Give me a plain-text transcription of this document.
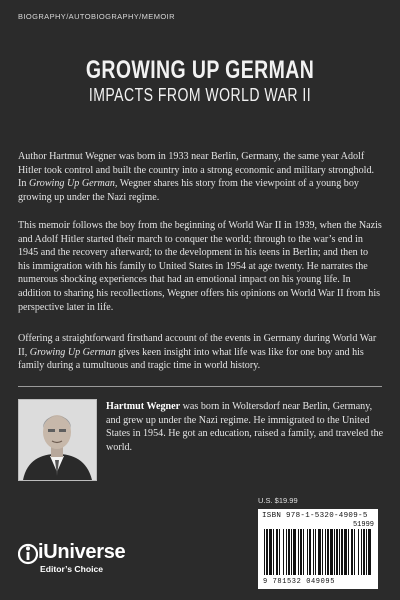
BIOGRAPHY/AUTOBIOGRAPHY/MEMOIR
GROWING UP GERMAN
IMPACTS FROM WORLD WAR II
Author Hartmut Wegner was born in 1933 near Berlin, Germany, the same year Adolf Hitler took control and built the country into a strong economic and military stronghold. In Growing Up German, Wegner shares his story from the viewpoint of a young boy growing up under the Nazi regime.
This memoir follows the boy from the beginning of World War II in 1939, when the Nazis and Adolf Hitler started their march to conquer the world; through to the war’s end in 1945 and the recovery afterward; to the development in his teens in Berlin; and then to his immigration with his family to United States in 1954 at age twenty. He narrates the numerous shocking experiences that had an emotional impact on his young life. In addition to sharing his recollections, Wegner offers his opinions on World War II from his perspective later in life.
Offering a straightforward firsthand account of the events in Germany during World War II, Growing Up German gives keen insight into what life was like for one boy and his family during a tumultuous and tragic time in world history.
Hartmut Wegner was born in Woltersdorf near Berlin, Germany, and grew up under the Nazi regime. He immigrated to the United States in 1954. He got an education, raised a family, and traveled the world.
U.S. $19.99
ISBN 978-1-5320-4909-5
51999
9 781532 049095
iUniverse
Editor’s Choice
